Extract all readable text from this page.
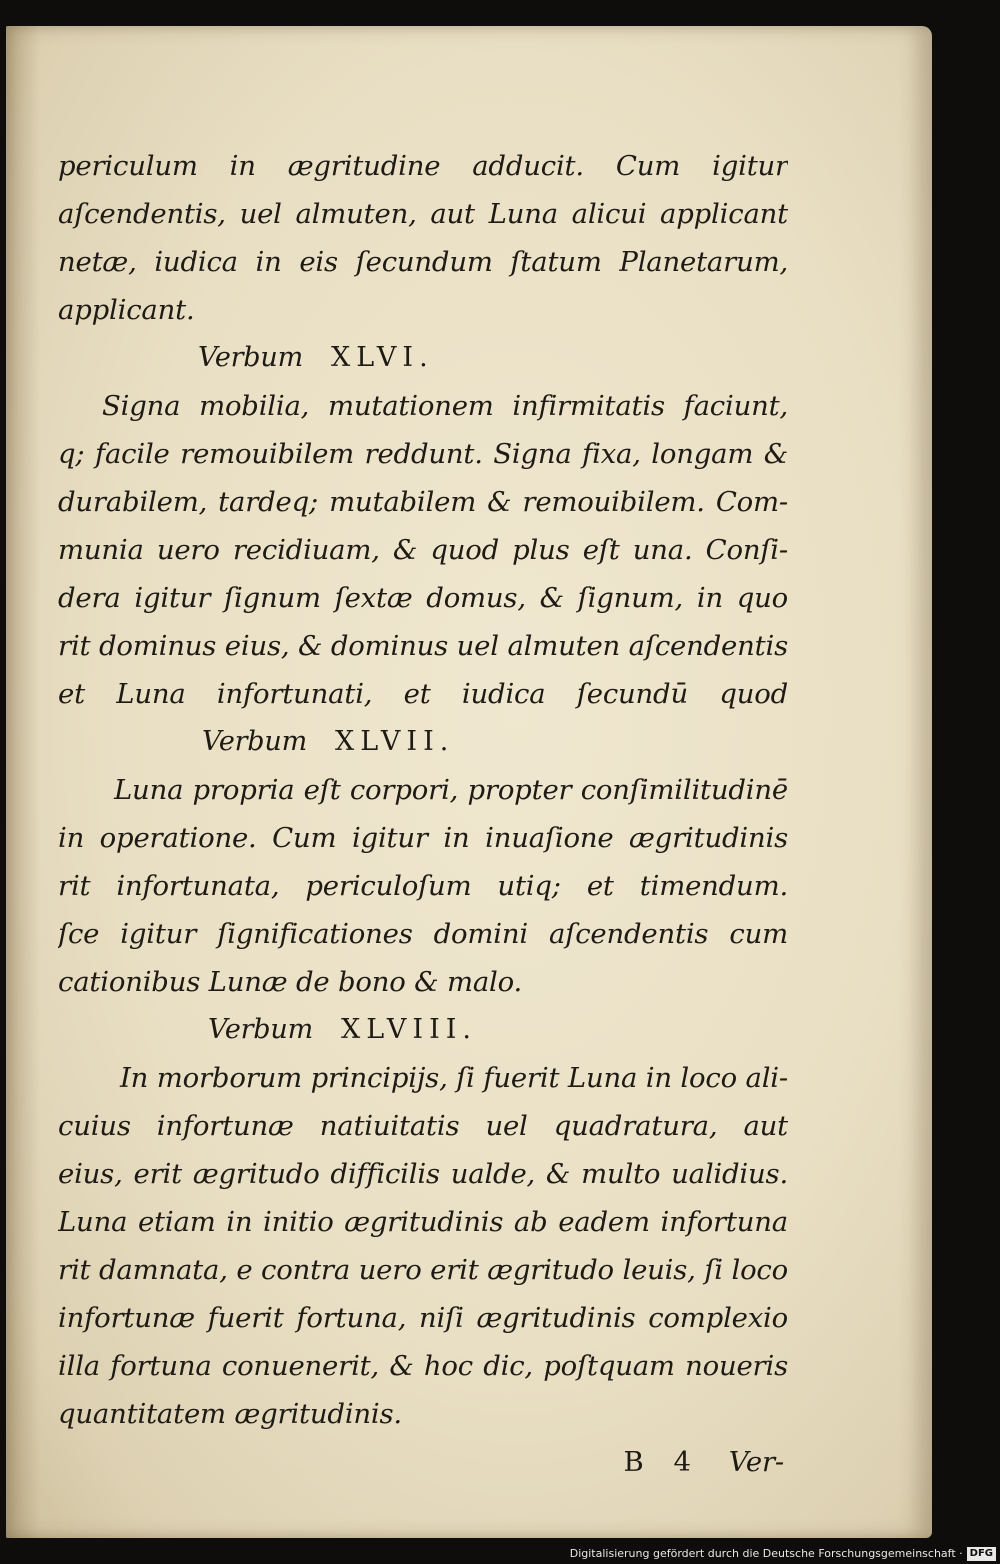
periculum in ægritudine adducit. Cum igitur
aſcendentis, uel almuten, aut Luna alicui applicant
netæ, iudica in eis ſecundum ſtatum Planetarum,
applicant.
Verbum XLVI.
Signa mobilia, mutationem infirmitatis faciunt,
q; facile remouibilem reddunt. Signa fixa, longam &
durabilem, tardeq; mutabilem & remouibilem. Com-
munia uero recidiuam, & quod plus eſt una. Conſi-
dera igitur ſignum ſextæ domus, & ſignum, in quo
rit dominus eius, & dominus uel almuten aſcendentis
et Luna infortunati, et iudica ſecundū quod
Verbum XLVII.
Luna propria eſt corpori, propter conſimilitudinē
in operatione. Cum igitur in inuaſione ægritudinis
rit infortunata, periculoſum utiq; et timendum.
ſce igitur ſignificationes domini aſcendentis cum
cationibus Lunæ de bono & malo.
Verbum XLVIII.
In morborum principijs, ſi fuerit Luna in loco ali-
cuius infortunæ natiuitatis uel quadratura, aut
eius, erit ægritudo difficilis ualde, & multo ualidius.
Luna etiam in initio ægritudinis ab eadem infortuna
rit damnata, e contra uero erit ægritudo leuis, ſi loco
infortunæ fuerit fortuna, niſi ægritudinis complexio
illa fortuna conuenerit, & hoc dic, poſtquam noueris
quantitatem ægritudinis.
B 4 Ver-
Digitalisierung gefördert durch die Deutsche Forschungsgemeinschaft · DFG
